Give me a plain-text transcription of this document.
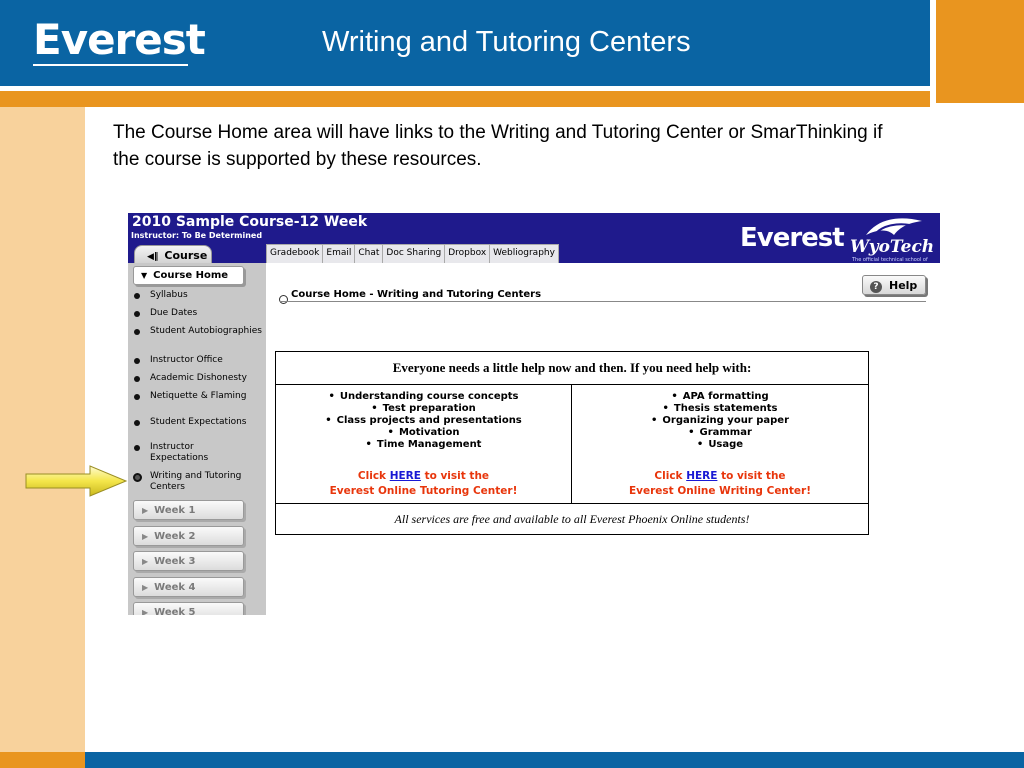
Everest	Writing and Tutoring Centers

The Course Home area will have links to the Writing and Tutoring Center or SmarThinking if the course is supported by these resources.

2010 Sample Course-12 Week
Instructor: To Be Determined	Everest WyoTech
The official technical school of
◀‖ Course	Gradebook Email Chat Doc Sharing Dropbox Webliography
▼ Course Home
Syllabus
Due Dates
Student Autobiographies
Instructor Office
Academic Dishonesty
Netiquette & Flaming
Student Expectations
Instructor Expectations
Writing and Tutoring Centers
▶ Week 1
▶ Week 2
▶ Week 3
▶ Week 4
▶ Week 5
Course Home - Writing and Tutoring Centers
? Help
Everyone needs a little help now and then. If you need help with:
• Understanding course concepts
• Test preparation
• Class projects and presentations
• Motivation
• Time Management
Click HERE to visit the
Everest Online Tutoring Center!
• APA formatting
• Thesis statements
• Organizing your paper
• Grammar
• Usage
Click HERE to visit the
Everest Online Writing Center!
All services are free and available to all Everest Phoenix Online students!
